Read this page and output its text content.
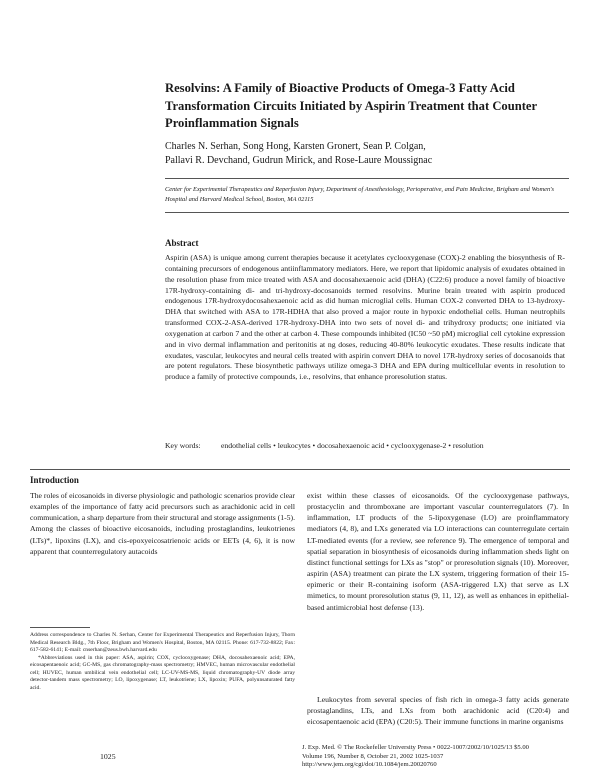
Resolvins: A Family of Bioactive Products of Omega-3 Fatty Acid Transformation Circuits Initiated by Aspirin Treatment that Counter Proinflammation Signals
Charles N. Serhan, Song Hong, Karsten Gronert, Sean P. Colgan,
Pallavi R. Devchand, Gudrun Mirick, and Rose-Laure Moussignac
Center for Experimental Therapeutics and Reperfusion Injury, Department of Anesthesiology, Perioperative, and Pain Medicine, Brigham and Women's Hospital and Harvard Medical School, Boston, MA 02115
Abstract
Aspirin (ASA) is unique among current therapies because it acetylates cyclooxygenase (COX)-2 enabling the biosynthesis of R-containing precursors of endogenous antiinflammatory mediators. Here, we report that lipidomic analysis of exudates obtained in the resolution phase from mice treated with ASA and docosahexaenoic acid (DHA) (C22:6) produce a novel family of bioactive 17R-hydroxy-containing di- and tri-hydroxy-docosanoids termed resolvins. Murine brain treated with aspirin produced endogenous 17R-hydroxydocosahexaenoic acid as did human microglial cells. Human COX-2 converted DHA to 13-hydroxy-DHA that switched with ASA to 17R-HDHA that also proved a major route in hypoxic endothelial cells. Human neutrophils transformed COX-2-ASA-derived 17R-hydroxy-DHA into two sets of novel di- and trihydroxy products; one initiated via oxygenation at carbon 7 and the other at carbon 4. These compounds inhibited (IC50 ~50 pM) microglial cell cytokine expression and in vivo dermal inflammation and peritonitis at ng doses, reducing 40-80% leukocytic exudates. These results indicate that exudates, vascular, leukocytes and neural cells treated with aspirin convert DHA to novel 17R-hydroxy series of docosanoids that are potent regulators. These biosynthetic pathways utilize omega-3 DHA and EPA during multicellular events in resolution to produce a family of protective compounds, i.e., resolvins, that enhance proresolution status.
Key words:	endothelial cells • leukocytes • docosahexaenoic acid • cyclooxygenase-2 • resolution
Introduction
The roles of eicosanoids in diverse physiologic and pathologic scenarios provide clear examples of the importance of fatty acid precursors such as arachidonic acid in cell communication, a sharp departure from their structural and storage assignments (1-5). Among the classes of bioactive eicosanoids, including prostaglandins, leukotrienes (LTs)*, lipoxins (LX), and cis-epoxyeicosatrienoic acids or EETs (4, 6), it is now apparent that counterregulatory autacoids
exist within these classes of eicosanoids. Of the cyclooxygenase pathways, prostacyclin and thromboxane are important vascular counterregulators (7). In inflammation, LT products of the 5-lipoxygenase (LO) are proinflammatory mediators (4, 8), and LXs generated via LO interactions can counterregulate certain LT-mediated events (for a review, see reference 9). The emergence of temporal and spatial separation in biosynthesis of eicosanoids during inflammation sheds light on distinct functional settings for LXs as "stop" or proresolution signals (10). Moreover, aspirin (ASA) treatment can pirate the LX system, triggering formation of their 15-epimeric or their R-containing isoform (ASA-triggered LX) that serve as LX mimetics, to mount proresolution status (9, 11, 12), as well as enhances in epithelial-based antimicrobial host defense (13).
Leukocytes from several species of fish rich in omega-3 fatty acids generate prostaglandins, LTs, and LXs from both arachidonic acid (C20:4) and eicosapentaenoic acid (EPA) (C20:5). Their immune functions in marine organisms

Address correspondence to Charles N. Serhan, Center for Experimental Therapeutics and Reperfusion Injury, Thorn Medical Research Bldg., 7th Floor, Brigham and Women's Hospital, Boston, MA 02115. Phone: 617-732-8822; Fax: 617-582-6141; E-mail: cnserhan@zeus.bwh.harvard.edu

*Abbreviations used in this paper: ASA, aspirin; COX, cyclooxygenase; DHA, docosahexaenoic acid; EPA, eicosapentaenoic acid; GC-MS, gas chromatography-mass spectrometry; HMVEC, human microvascular endothelial cell; HUVEC, human umbilical vein endothelial cell; LC-UV-MS-MS, liquid chromatography-UV diode array detector-tandem mass spectrometry; LO, lipoxygenase; LT, leukotriene; LX, lipoxin; PUFA, polyunsaturated fatty acid.

1025
J. Exp. Med. © The Rockefeller University Press • 0022-1007/2002/10/1025/13 $5.00
Volume 196, Number 8, October 21, 2002 1025-1037
http://www.jem.org/cgi/doi/10.1084/jem.20020760
